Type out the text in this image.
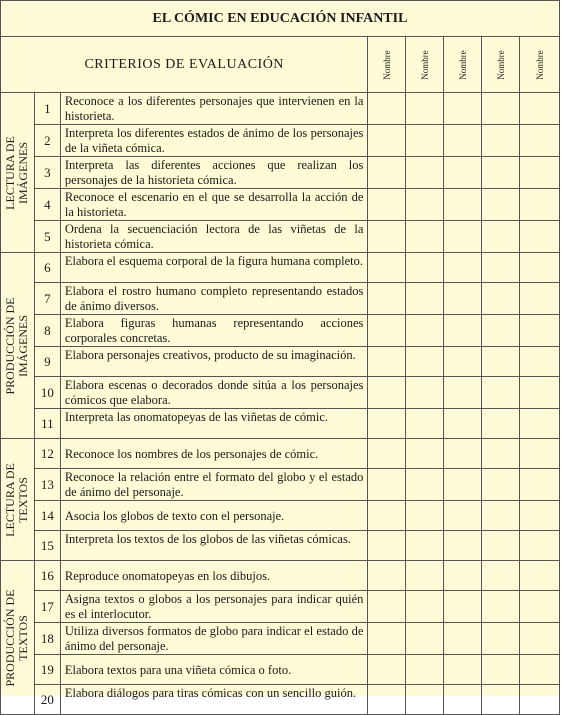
EL CÓMIC EN EDUCACIÓN INFANTIL
CRITERIOS DE EVALUACIÓN			Nombre	Nombre	Nombre	Nombre	Nombre

LECTURA DE IMÁGENES	1	Reconoce a los diferentes personajes que intervienen en la historieta.					
	2	Interpreta los diferentes estados de ánimo de los personajes de la viñeta cómica.					
	3	Interpreta las diferentes acciones que realizan los personajes de la historieta cómica.					
	4	Reconoce el escenario en el que se desarrolla la acción de la historieta.					
	5	Ordena la secuenciación lectora de las viñetas de la historieta cómica.					

PRODUCCIÓN DE IMÁGENES	6	Elabora el esquema corporal de la figura humana completo.					
	7	Elabora el rostro humano completo representando estados de ánimo diversos.					
	8	Elabora figuras humanas representando acciones corporales concretas.					
	9	Elabora personajes creativos, producto de su imaginación.					
	10	Elabora escenas o decorados donde sitúa a los personajes cómicos que elabora.					
	11	Interpreta las onomatopeyas de las viñetas de cómic.					

LECTURA DE TEXTOS	12	Reconoce los nombres de los personajes de cómic.					
	13	Reconoce la relación entre el formato del globo y el estado de ánimo del personaje.					
	14	Asocia los globos de texto con el personaje.					
	15	Interpreta los textos de los globos de las viñetas cómicas.					

PRODUCCIÓN DE TEXTOS	16	Reproduce onomatopeyas en los dibujos.					
	17	Asigna textos o globos a los personajes para indicar quién es el interlocutor.					
	18	Utiliza diversos formatos de globo para indicar el estado de ánimo del personaje.					
	19	Elabora textos para una viñeta cómica o foto.					
	20	Elabora diálogos para tiras cómicas con un sencillo guión.					
